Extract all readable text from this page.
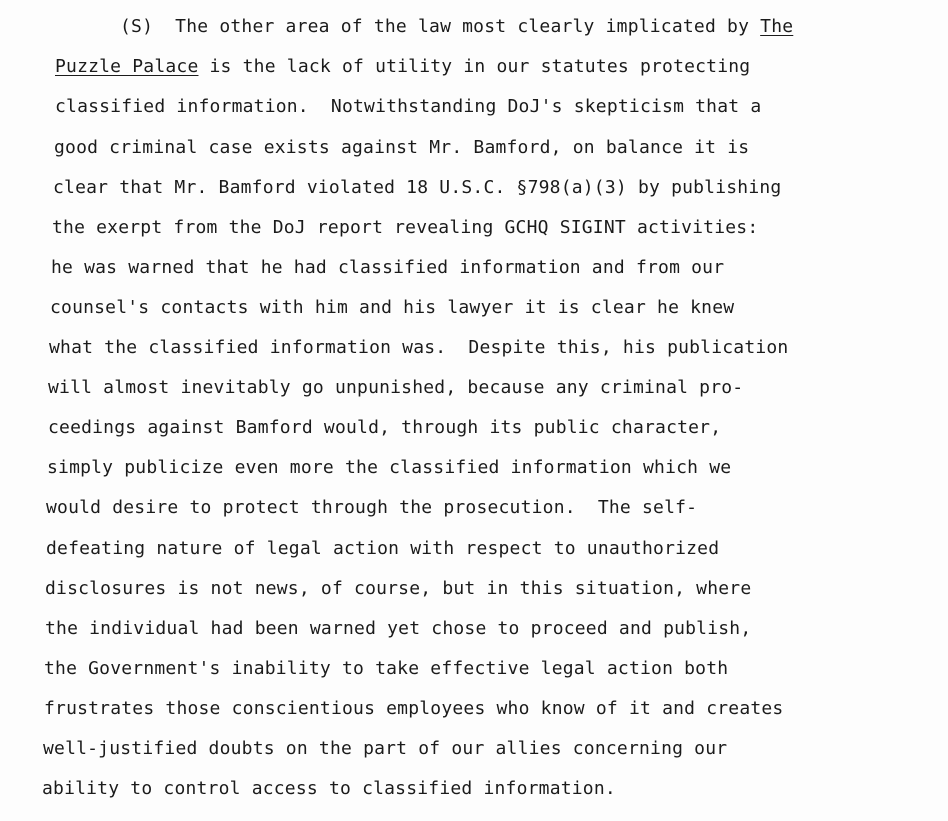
(S)  The other area of the law most clearly implicated by The
Puzzle Palace is the lack of utility in our statutes protecting
classified information.  Notwithstanding DoJ's skepticism that a
good criminal case exists against Mr. Bamford, on balance it is
clear that Mr. Bamford violated 18 U.S.C. §798(a)(3) by publishing
the exerpt from the DoJ report revealing GCHQ SIGINT activities:
he was warned that he had classified information and from our
counsel's contacts with him and his lawyer it is clear he knew
what the classified information was.  Despite this, his publication
will almost inevitably go unpunished, because any criminal pro-
ceedings against Bamford would, through its public character,
simply publicize even more the classified information which we
would desire to protect through the prosecution.  The self-
defeating nature of legal action with respect to unauthorized
disclosures is not news, of course, but in this situation, where
the individual had been warned yet chose to proceed and publish,
the Government's inability to take effective legal action both
frustrates those conscientious employees who know of it and creates
well-justified doubts on the part of our allies concerning our
ability to control access to classified information.
